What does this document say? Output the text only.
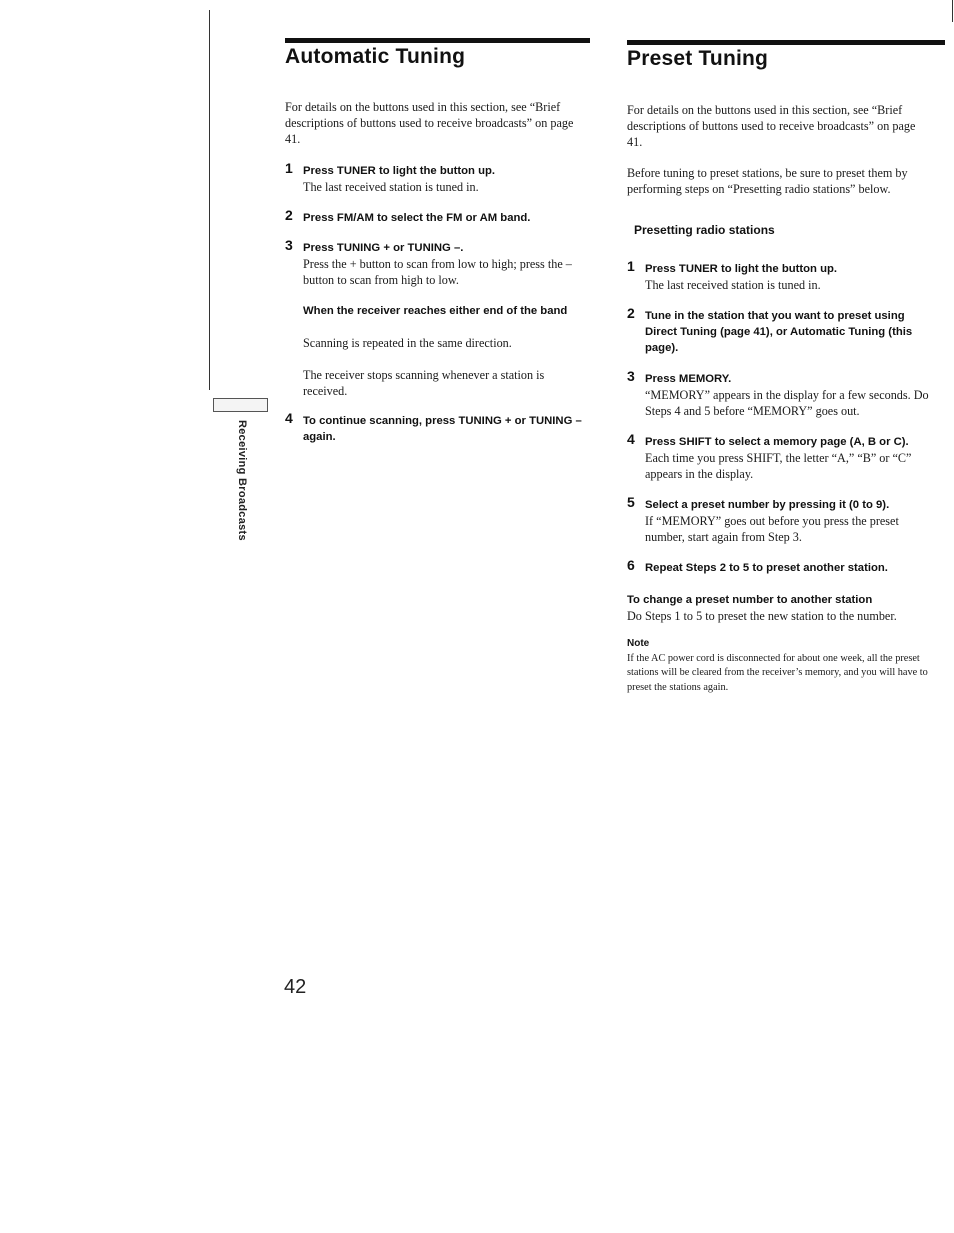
Receiving Broadcasts
Automatic Tuning

For details on the buttons used in this section, see “Brief descriptions of buttons used to receive broadcasts” on page 41.

1 Press TUNER to light the button up.

The last received station is tuned in.

2 Press FM/AM to select the FM or AM band.

3 Press TUNING + or TUNING –.

Press the + button to scan from low to high; press the – button to scan from high to low.

When the receiver reaches either end of the band

Scanning is repeated in the same direction.

The receiver stops scanning whenever a station is received.

4 To continue scanning, press TUNING + or TUNING – again.

Preset Tuning

For details on the buttons used in this section, see “Brief descriptions of buttons used to receive broadcasts” on page 41.

Before tuning to preset stations, be sure to preset them by performing steps on “Presetting radio stations” below.

Presetting radio stations

1 Press TUNER to light the button up.

The last received station is tuned in.

2 Tune in the station that you want to preset using Direct Tuning (page 41), or Automatic Tuning (this page).

3 Press MEMORY.

“MEMORY” appears in the display for a few seconds. Do Steps 4 and 5 before “MEMORY” goes out.

4 Press SHIFT to select a memory page (A, B or C).

Each time you press SHIFT, the letter “A,” “B” or “C” appears in the display.

5 Select a preset number by pressing it (0 to 9).

If “MEMORY” goes out before you press the preset number, start again from Step 3.

6 Repeat Steps 2 to 5 to preset another station.

To change a preset number to another station

Do Steps 1 to 5 to preset the new station to the number.

Note

If the AC power cord is disconnected for about one week, all the preset stations will be cleared from the receiver’s memory, and you will have to preset the stations again.

42
